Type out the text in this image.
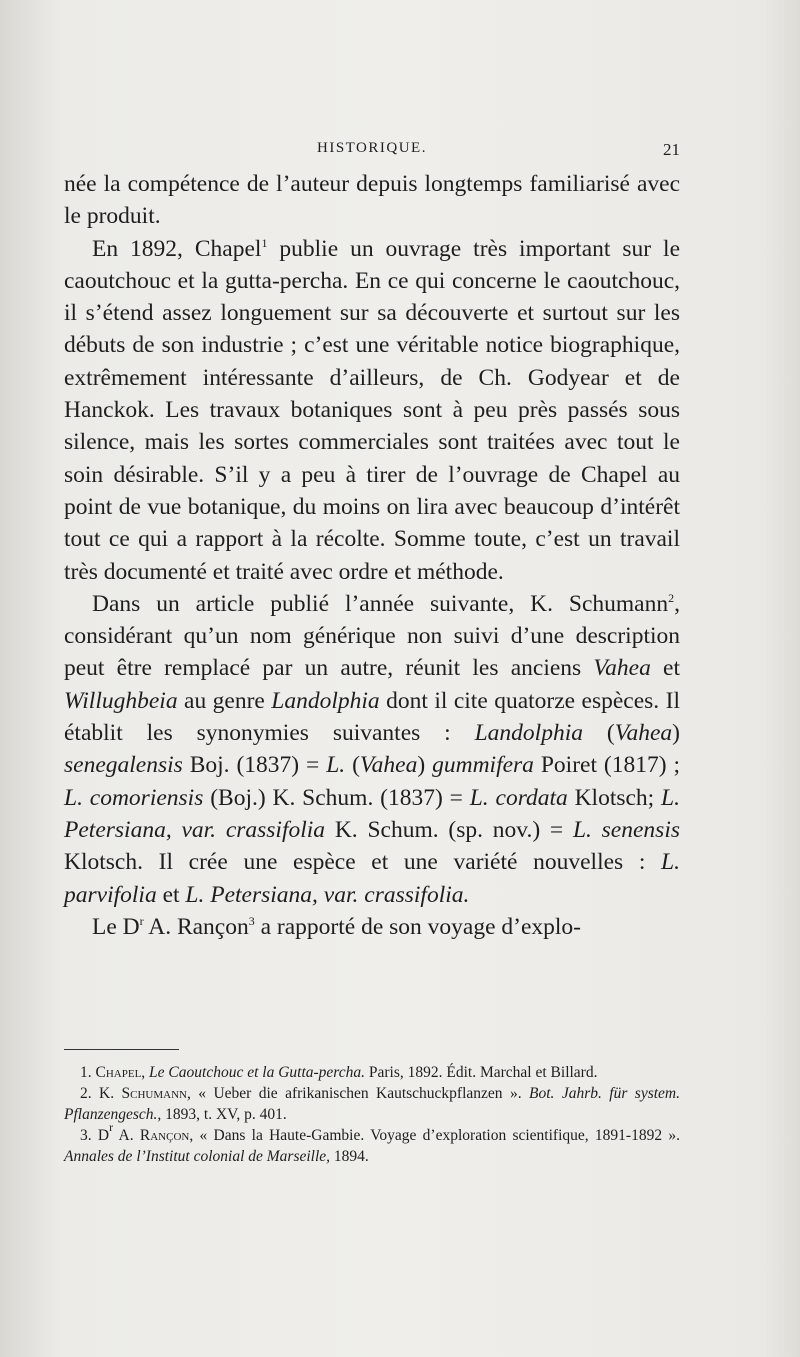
HISTORIQUE.	21

née la compétence de l’auteur depuis longtemps familiarisé avec le produit.

En 1892, Chapel$^1$ publie un ouvrage très important sur le caoutchouc et la gutta-percha. En ce qui concerne le caoutchouc, il s’étend assez longuement sur sa découverte et surtout sur les débuts de son industrie ; c’est une véritable notice biographique, extrêmement intéressante d’ailleurs, de Ch. Godyear et de Hanckok. Les travaux botaniques sont à peu près passés sous silence, mais les sortes commerciales sont traitées avec tout le soin désirable. S’il y a peu à tirer de l’ouvrage de Chapel au point de vue botanique, du moins on lira avec beaucoup d’intérêt tout ce qui a rapport à la récolte. Somme toute, c’est un travail très documenté et traité avec ordre et méthode.

Dans un article publié l’année suivante, K. Schumann$^2$, considérant qu’un nom générique non suivi d’une description peut être remplacé par un autre, réunit les anciens Vahea et Willughbeia au genre Landolphia dont il cite quatorze espèces. Il établit les synonymies suivantes : Landolphia (Vahea) senegalensis Boj. (1837) = L. (Vahea) gummifera Poiret (1817) ; L. comoriensis (Boj.) K. Schum. (1837) = L. cordata Klotsch; L. Petersiana, var. crassifolia K. Schum. (sp. nov.) = L. senensis Klotsch. Il crée une espèce et une variété nouvelles : L. parvifolia et L. Petersiana, var. crassifolia.

Le $D^r$ A. Rançon$^3$ a rapporté de son voyage d’explo-

1. Chapel, Le Caoutchouc et la Gutta-percha. Paris, 1892. Édit. Marchal et Billard.

2. K. Schumann, « Ueber die afrikanischen Kautschuckpflanzen ». Bot. Jahrb. für system. Pflanzengesch., 1893, t. XV, p. 401.

3. $D^r$ A. Rançon, « Dans la Haute-Gambie. Voyage d’exploration scientifique, 1891-1892 ». Annales de l’Institut colonial de Marseille, 1894.
